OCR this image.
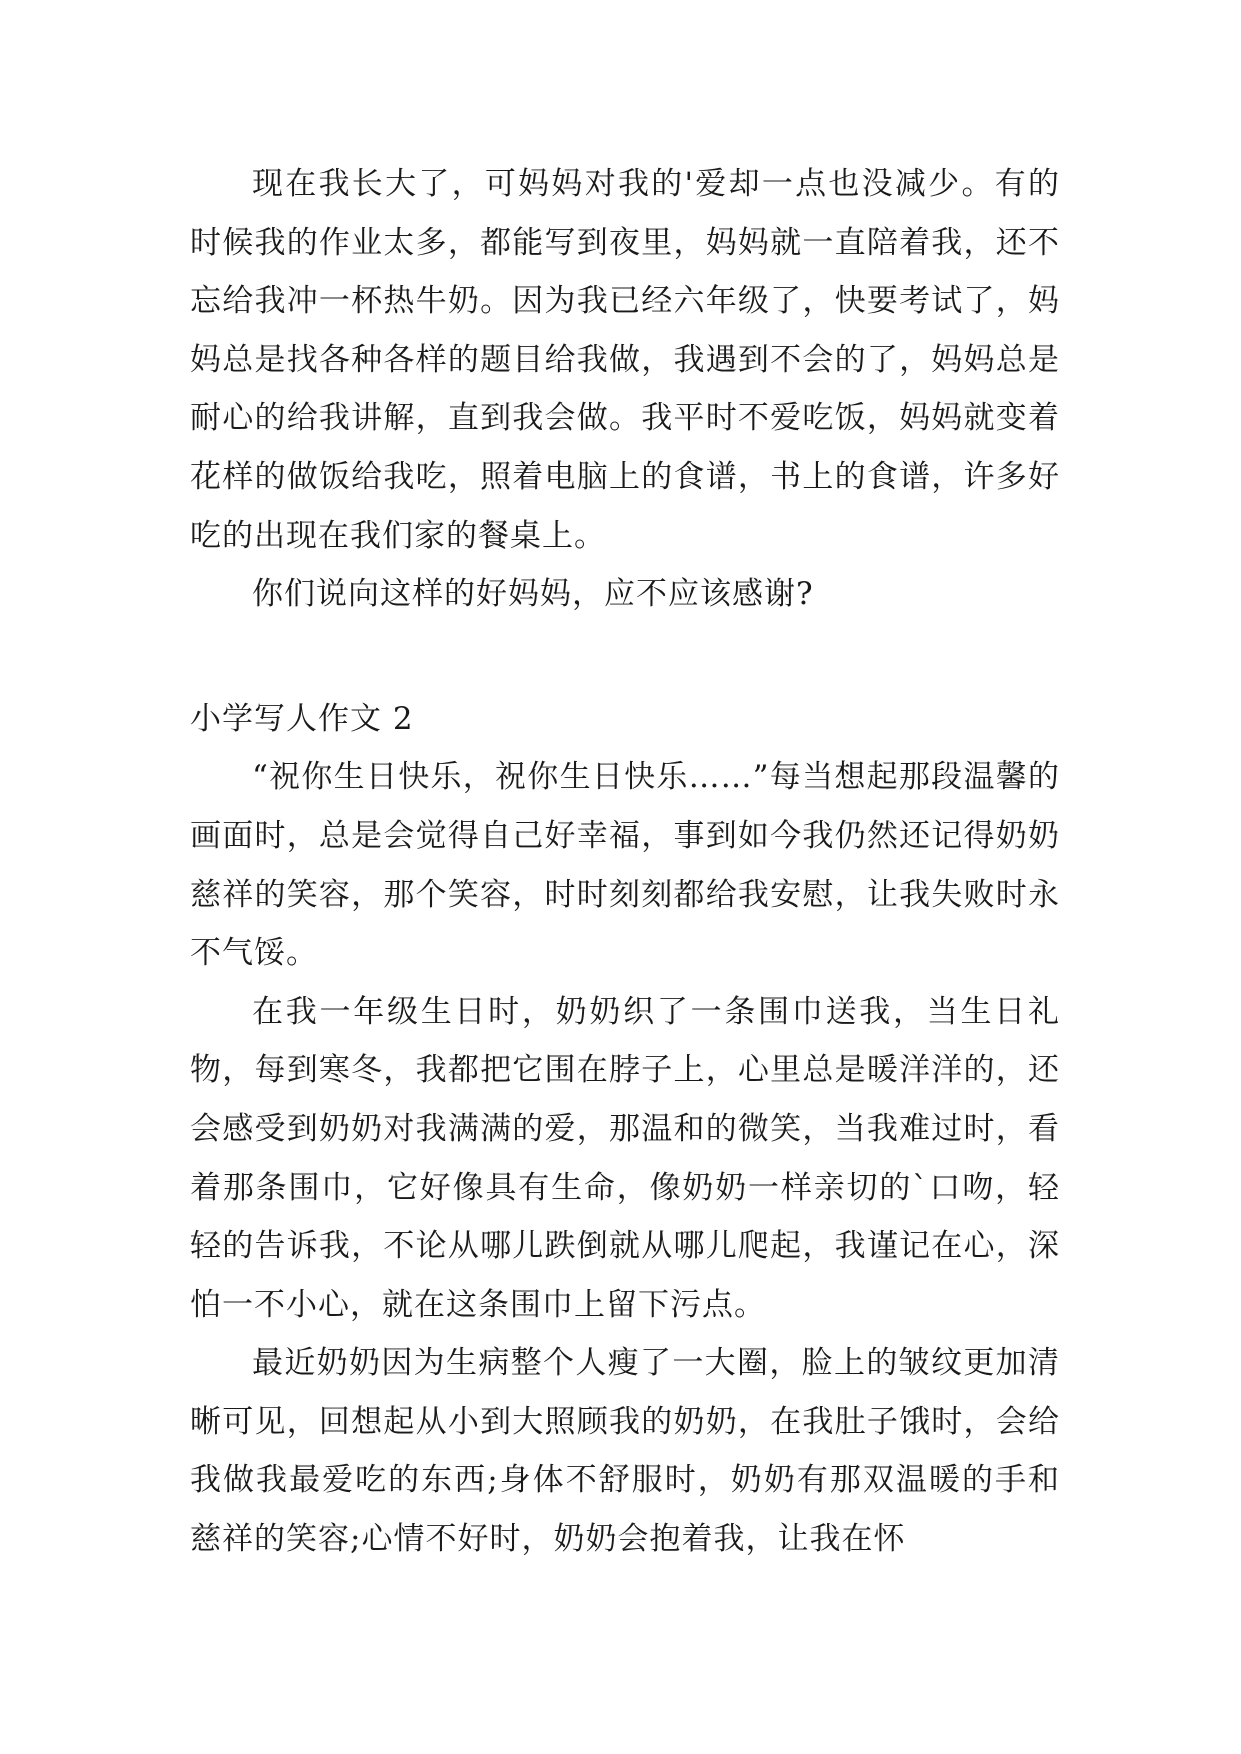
现在我长大了，可妈妈对我的'爱却一点也没减少。有的时候我的作业太多，都能写到夜里，妈妈就一直陪着我，还不忘给我冲一杯热牛奶。因为我已经六年级了，快要考试了，妈妈总是找各种各样的题目给我做，我遇到不会的了，妈妈总是耐心的给我讲解，直到我会做。我平时不爱吃饭，妈妈就变着花样的做饭给我吃，照着电脑上的食谱，书上的食谱，许多好吃的出现在我们家的餐桌上。

你们说向这样的好妈妈，应不应该感谢?

小学写人作文 2

“祝你生日快乐，祝你生日快乐……”每当想起那段温馨的画面时，总是会觉得自己好幸福，事到如今我仍然还记得奶奶慈祥的笑容，那个笑容，时时刻刻都给我安慰，让我失败时永不气馁。

在我一年级生日时，奶奶织了一条围巾送我，当生日礼物，每到寒冬，我都把它围在脖子上，心里总是暖洋洋的，还会感受到奶奶对我满满的爱，那温和的微笑，当我难过时，看着那条围巾，它好像具有生命，像奶奶一样亲切的`口吻，轻轻的告诉我，不论从哪儿跌倒就从哪儿爬起，我谨记在心，深怕一不小心，就在这条围巾上留下污点。

最近奶奶因为生病整个人瘦了一大圈，脸上的皱纹更加清晰可见，回想起从小到大照顾我的奶奶，在我肚子饿时，会给我做我最爱吃的东西;身体不舒服时，奶奶有那双温暖的手和慈祥的笑容;心情不好时，奶奶会抱着我，让我在怀
